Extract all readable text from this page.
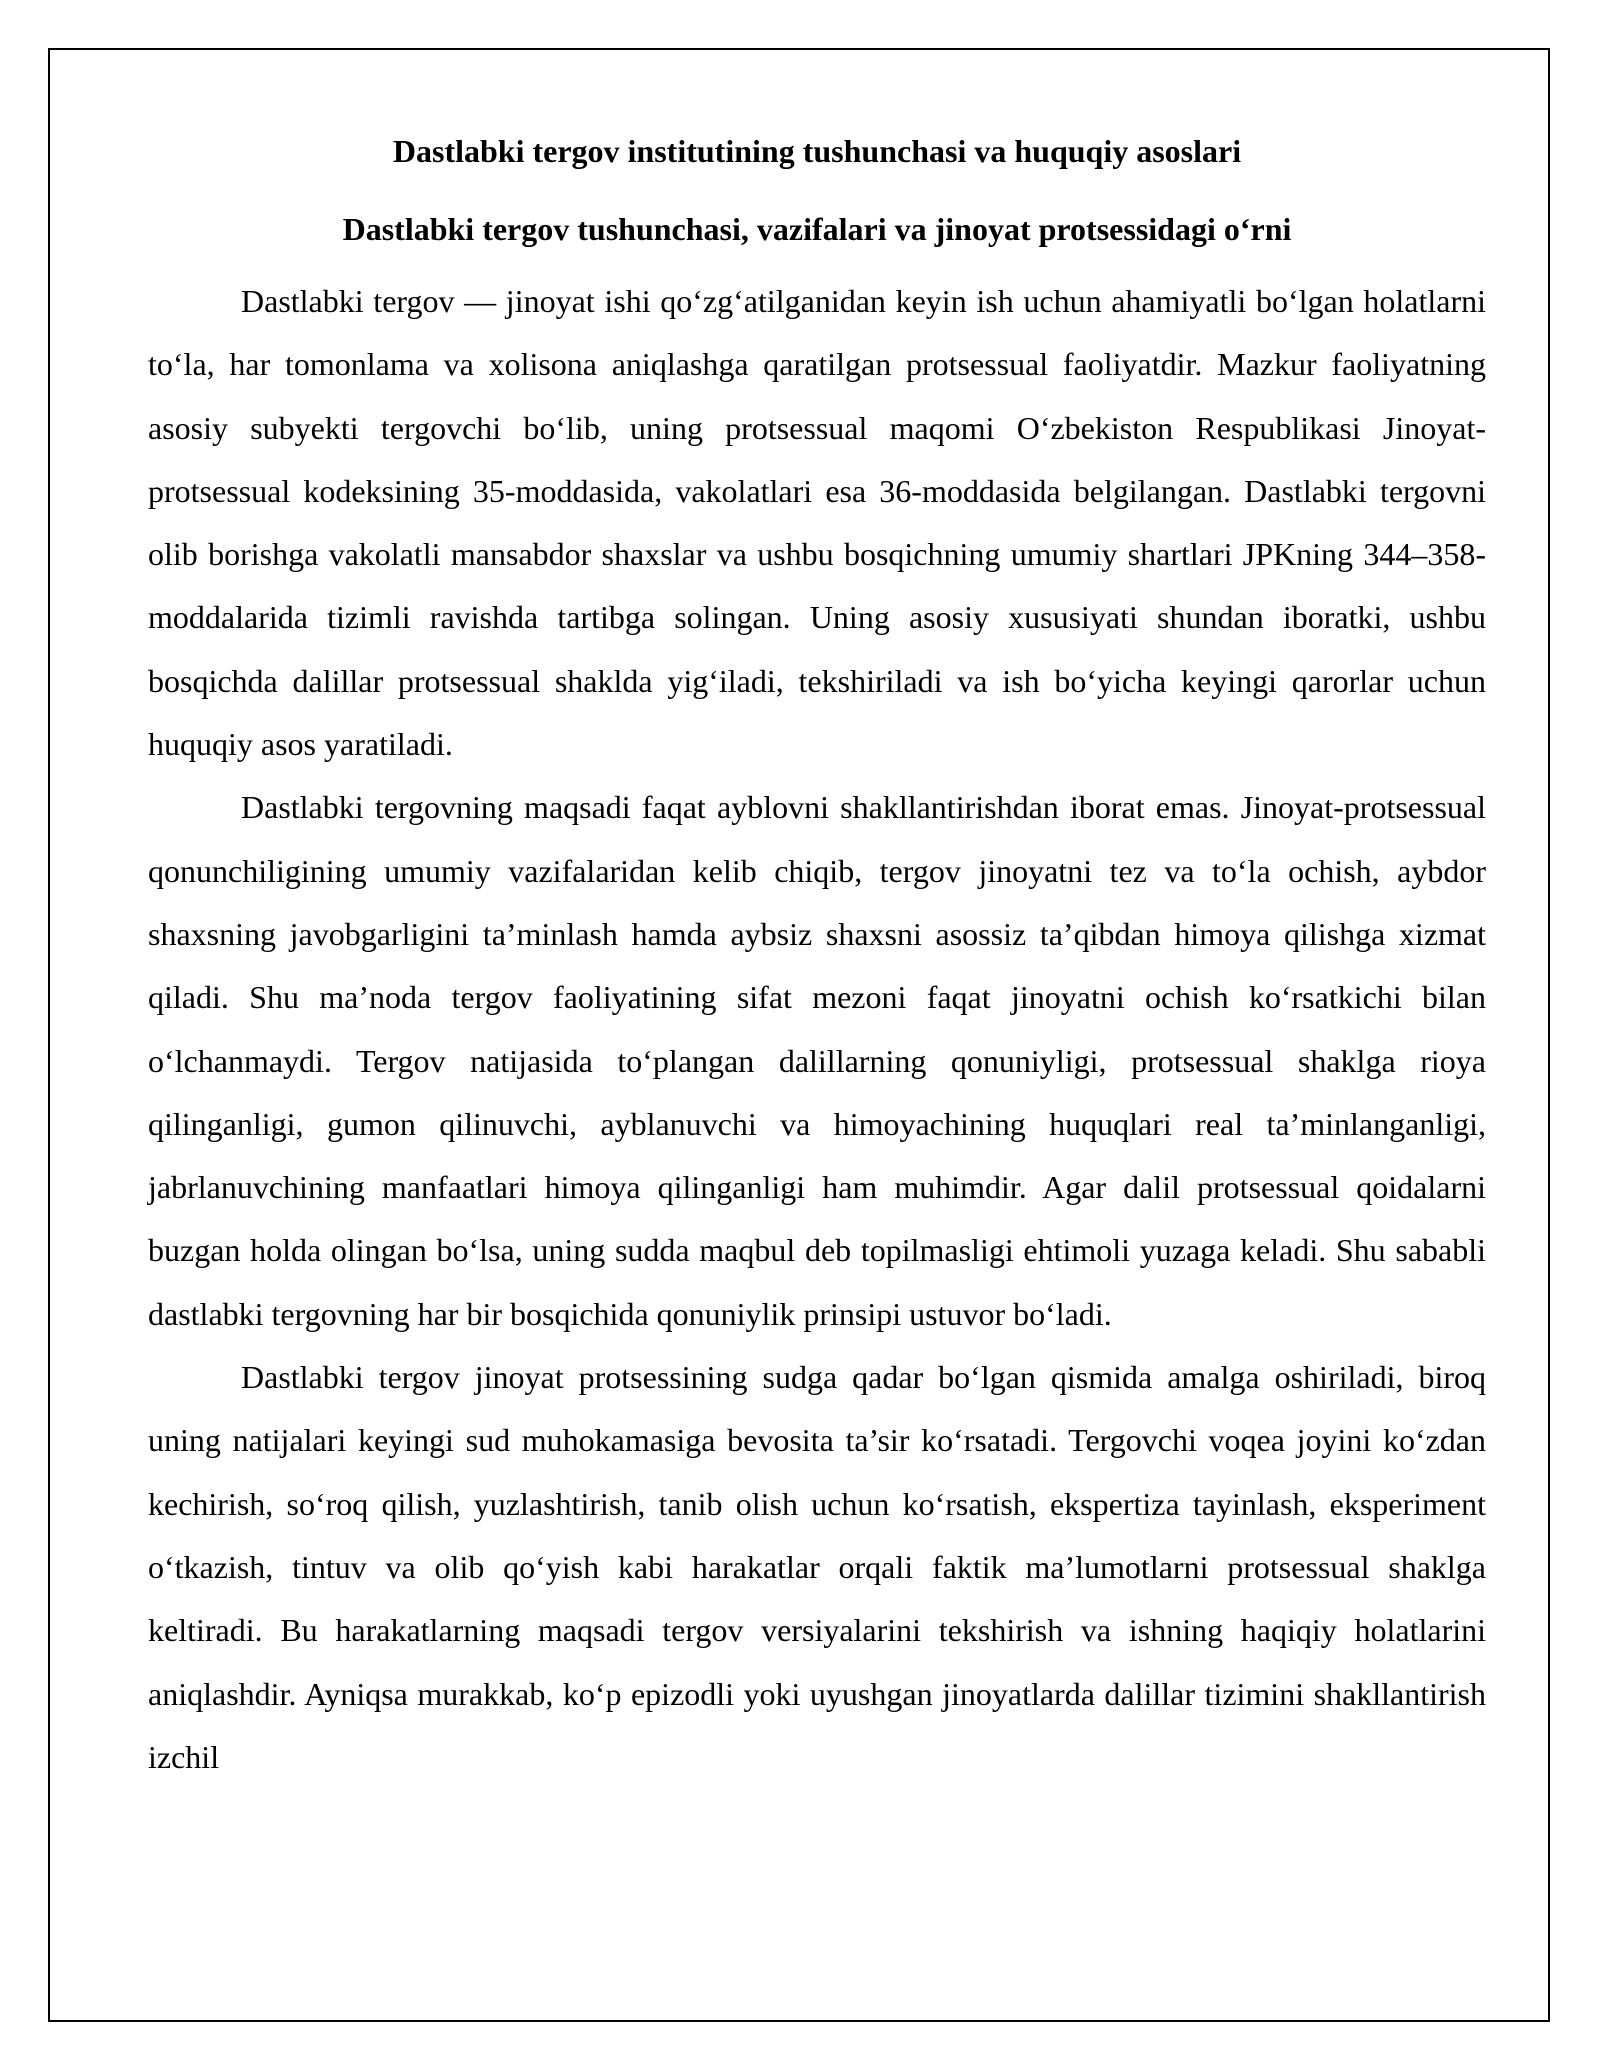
Dastlabki tergov institutining tushunchasi va huquqiy asoslari
Dastlabki tergov tushunchasi, vazifalari va jinoyat protsessidagi o‘rni

Dastlabki tergov — jinoyat ishi qo‘zg‘atilganidan keyin ish uchun ahamiyatli bo‘lgan holatlarni to‘la, har tomonlama va xolisona aniqlashga qaratilgan protsessual faoliyatdir. Mazkur faoliyatning asosiy subyekti tergovchi bo‘lib, uning protsessual maqomi O‘zbekiston Respublikasi Jinoyat-protsessual kodeksining 35-moddasida, vakolatlari esa 36-moddasida belgilangan. Dastlabki tergovni olib borishga vakolatli mansabdor shaxslar va ushbu bosqichning umumiy shartlari JPKning 344–358-moddalarida tizimli ravishda tartibga solingan. Uning asosiy xususiyati shundan iboratki, ushbu bosqichda dalillar protsessual shaklda yig‘iladi, tekshiriladi va ish bo‘yicha keyingi qarorlar uchun huquqiy asos yaratiladi.

Dastlabki tergovning maqsadi faqat ayblovni shakllantirishdan iborat emas. Jinoyat-protsessual qonunchiligining umumiy vazifalaridan kelib chiqib, tergov jinoyatni tez va to‘la ochish, aybdor shaxsning javobgarligini ta’minlash hamda aybsiz shaxsni asossiz ta’qibdan himoya qilishga xizmat qiladi. Shu ma’noda tergov faoliyatining sifat mezoni faqat jinoyatni ochish ko‘rsatkichi bilan o‘lchanmaydi. Tergov natijasida to‘plangan dalillarning qonuniyligi, protsessual shaklga rioya qilinganligi, gumon qilinuvchi, ayblanuvchi va himoyachining huquqlari real ta’minlanganligi, jabrlanuvchining manfaatlari himoya qilinganligi ham muhimdir. Agar dalil protsessual qoidalarni buzgan holda olingan bo‘lsa, uning sudda maqbul deb topilmasligi ehtimoli yuzaga keladi. Shu sababli dastlabki tergovning har bir bosqichida qonuniylik prinsipi ustuvor bo‘ladi.

Dastlabki tergov jinoyat protsessining sudga qadar bo‘lgan qismida amalga oshiriladi, biroq uning natijalari keyingi sud muhokamasiga bevosita ta’sir ko‘rsatadi. Tergovchi voqea joyini ko‘zdan kechirish, so‘roq qilish, yuzlashtirish, tanib olish uchun ko‘rsatish, ekspertiza tayinlash, eksperiment o‘tkazish, tintuv va olib qo‘yish kabi harakatlar orqali faktik ma’lumotlarni protsessual shaklga keltiradi. Bu harakatlarning maqsadi tergov versiyalarini tekshirish va ishning haqiqiy holatlarini aniqlashdir. Ayniqsa murakkab, ko‘p epizodli yoki uyushgan jinoyatlarda dalillar tizimini shakllantirish izchil
